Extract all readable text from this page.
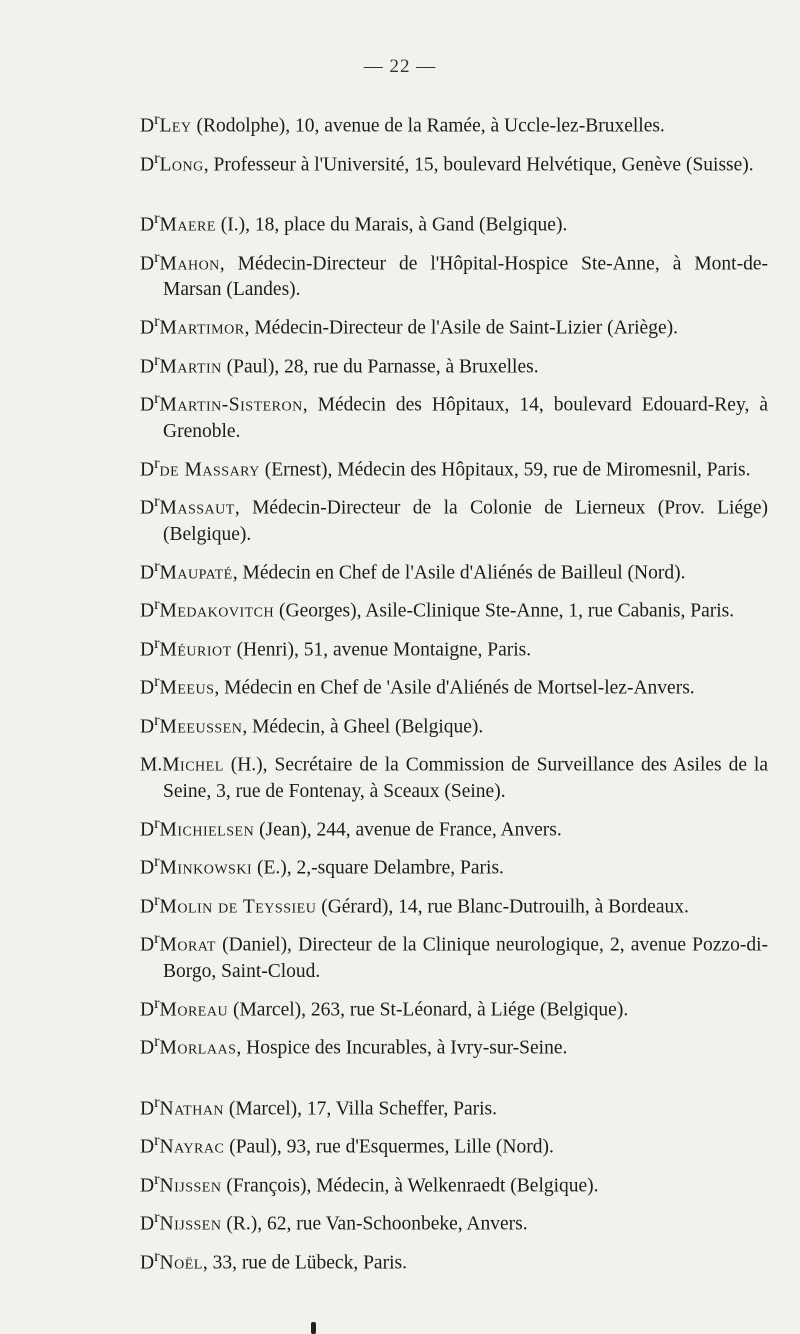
— 22 —

$D^rLey$ (Rodolphe), 10, avenue de la Ramée, à Uccle-lez-Bruxelles.

$D^rLong$, Professeur à l'Université, 15, boulevard Helvétique, Genève (Suisse).

$D^rMaere$ (I.), 18, place du Marais, à Gand (Belgique).

$D^rMahon$, Médecin-Directeur de l'Hôpital-Hospice Ste-Anne, à Mont-de-Marsan (Landes).

$D^rMartimor$, Médecin-Directeur de l'Asile de Saint-Lizier (Ariège).

$D^rMartin$ (Paul), 28, rue du Parnasse, à Bruxelles.

$D^rMartin$-Sisteron, Médecin des Hôpitaux, 14, boulevard Edouard-Rey, à Grenoble.

$D^rde$ Massary (Ernest), Médecin des Hôpitaux, 59, rue de Miromesnil, Paris.

$D^rMassaut$, Médecin-Directeur de la Colonie de Lierneux (Prov. Liége) (Belgique).

$D^rMaupaté$, Médecin en Chef de l'Asile d'Aliénés de Bailleul (Nord).

$D^rMedakovitch$ (Georges), Asile-Clinique Ste-Anne, 1, rue Cabanis, Paris.

$D^rMéuriot$ (Henri), 51, avenue Montaigne, Paris.

$D^rMeeus$, Médecin en Chef de 'Asile d'Aliénés de Mortsel-lez-Anvers.

$D^rMeeussen$, Médecin, à Gheel (Belgique).

M.Michel (H.), Secrétaire de la Commission de Surveillance des Asiles de la Seine, 3, rue de Fontenay, à Sceaux (Seine).

$D^rMichielsen$ (Jean), 244, avenue de France, Anvers.

$D^rMinkowski$ (E.), 2,-square Delambre, Paris.

$D^rMolin$ de Teyssieu (Gérard), 14, rue Blanc-Dutrouilh, à Bordeaux.

$D^rMorat$ (Daniel), Directeur de la Clinique neurologique, 2, avenue Pozzo-di-Borgo, Saint-Cloud.

$D^rMoreau$ (Marcel), 263, rue St-Léonard, à Liége (Belgique).

$D^rMorlaas$, Hospice des Incurables, à Ivry-sur-Seine.

$D^rNathan$ (Marcel), 17, Villa Scheffer, Paris.

$D^rNayrac$ (Paul), 93, rue d'Esquermes, Lille (Nord).

$D^rNijssen$ (François), Médecin, à Welkenraedt (Belgique).

$D^rNijssen$ (R.), 62, rue Van-Schoonbeke, Anvers.

$D^rNoël$, 33, rue de Lübeck, Paris.
